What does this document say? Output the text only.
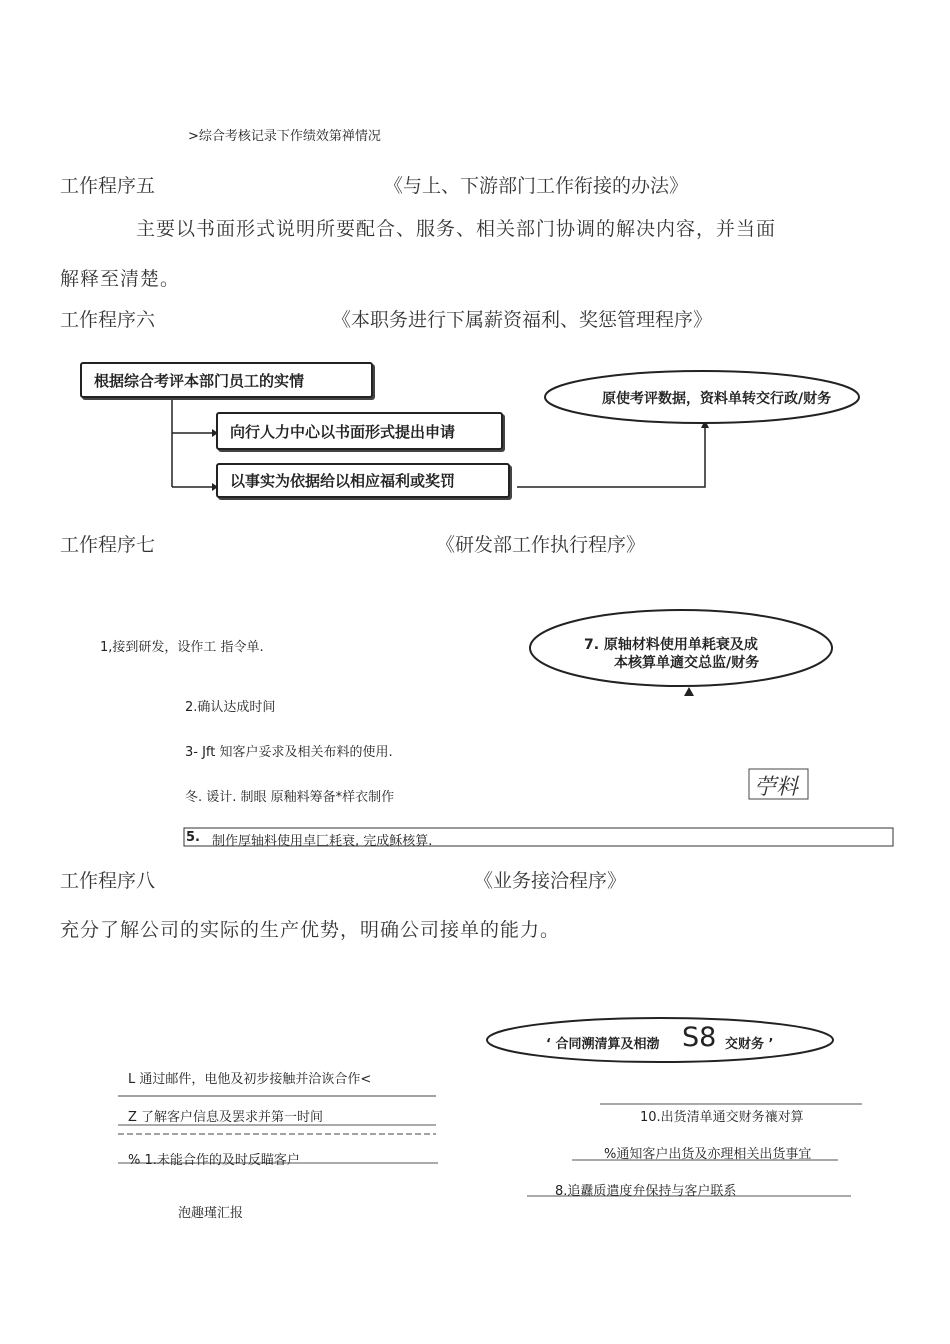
>综合考核记录下作绩效第禅情况
工作程序五	《与上、下游部门工作衔接的办法》
主要以书面形式说明所要配合、服务、相关部门协调的解决内容，并当面
解释至清楚。
工作程序六	《本职务进行下属薪资福利、奖惩管理程序》
根据综合考评本部门员工的实情
向行人力中心以书面形式提出申请
以事实为依据给以相应福利或奖罚
原使考评数据，资料单转交行政/财务
工作程序七	《研发部工作执行程序》
1,接到研发，设作工 指令单.
2.确认达成时间
3- Jft 知客户妥求及相关布料的使用.
冬. 谖计. 制眼 原釉料筹备*样衣制作
5. 制作厚轴料使用卓匚耗衰, 完成稣核算.
7. 原轴材料使用单耗衰及成
本核算单適交总监/财务
苧料
工作程序八	《业务接洽程序》
充分了解公司的实际的生产优势，明确公司接单的能力。
‘ 合同溯清算及相渤 S8 交财务 ’
L 通过邮件，电他及初步接触并洽诙合作<
Z 了解客户信息及罢求并第一时间
% 1.未能合作的及时反瞄客户
泡趣瑾汇报
10.出货清单通交财务禳对算
%通知客户出货及亦理相关出货事宜
8.追纛质遣度弁保持与客户联系
